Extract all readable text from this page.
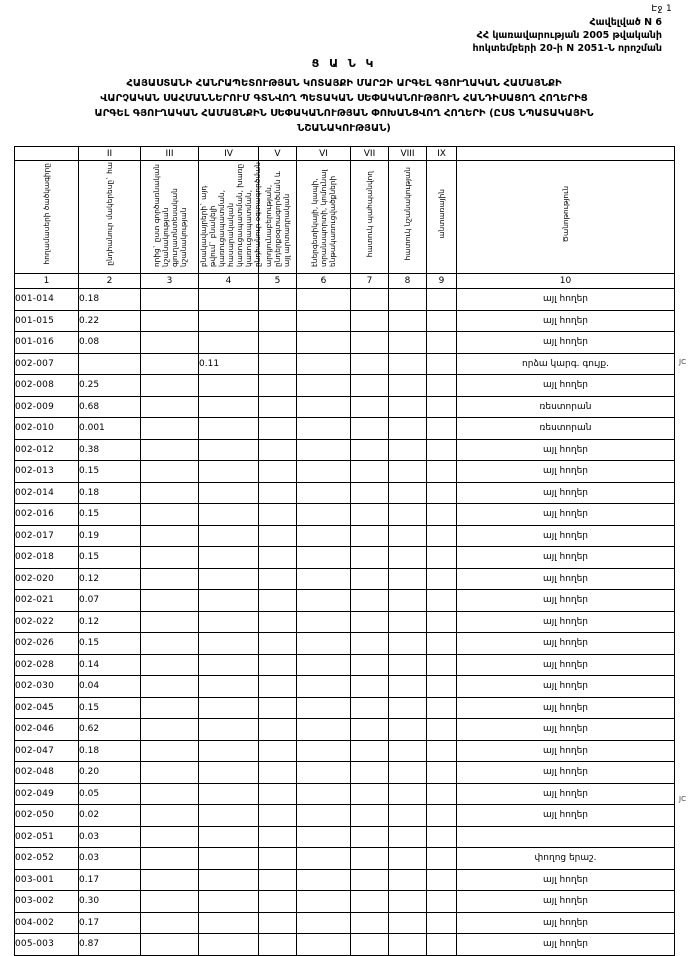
Էջ 1
Հավելված N 6
ՀՀ կառավարության 2005 թվականի
հոկտեմբերի 20-ի N 2051-Ն որոշման
Ց Ա Ն Կ
ՀԱՅԱՍՏԱՆԻ ՀԱՆՐԱՊԵՏՈՒԹՅԱՆ ԿՈՏԱՅՔԻ ՄԱՐԶԻ ԱՐԳԵԼ ԳՅՈՒՂԱԿԱՆ ՀԱՄԱՅՆՔԻ
ՎԱՐՉԱԿԱՆ ՍԱՀՄԱՆՆԵՐՈՒՄ ԳՏՆՎՈՂ ՊԵՏԱԿԱՆ ՍԵՓԱԿԱՆՈՒԹՅՈՒՆ ՀԱՆԴԻՍԱՑՈՂ ՀՈՂԵՐԻՑ
ԱՐԳԵԼ ԳՅՈՒՂԱԿԱՆ ՀԱՄԱՅՆՔԻՆ ՍԵՓԱԿԱՆՈՒԹՅԱՆ ՓՈԽԱՆՑՎՈՂ ՀՈՂԵՐԻ (ԸՍՏ ՆՊԱՏԱԿԱՅԻՆ
ՆՇԱՆԱԿՈՒԹՅԱՆ)
	II	III	IV	V	VI	VII	VIII	IX	
հողամասերի ծածկագիրը	ընդհանուր մակերեսը` հա	որից` ըստ գործառնական նշանակության գյուղատնտեսական նշանակության	բնակավայրերի` այդ թվում` բնակելի կառուցապատման, հասարակական կառուցապատման, խառը կառուցապատման, ընդհանուր օգտագործման	արդյունաբերության, ընդերքօգտագործման և այլ արտադրական	էներգետիկայի, կապի, տրանսպորտի, կոմունալ ենթակառուցվածքների	հատուկ պահպանվող	հատուկ նշանակության	անտառային	Ծանոթություն
1	2	3	4	5	6	7	8	9	10
001-014	0.18								այլ հողեր
001-015	0.22								այլ հողեր
001-016	0.08								այլ հողեր
002-007			0.11						որձա կարգ. գույք.
002-008	0.25								այլ հողեր
002-009	0.68								ռեստորան
002-010	0.001								ռեստորան
002-012	0.38								այլ հողեր
002-013	0.15								այլ հողեր
002-014	0.18								այլ հողեր
002-016	0.15								այլ հողեր
002-017	0.19								այլ հողեր
002-018	0.15								այլ հողեր
002-020	0.12								այլ հողեր
002-021	0.07								այլ հողեր
002-022	0.12								այլ հողեր
002-026	0.15								այլ հողեր
002-028	0.14								այլ հողեր
002-030	0.04								այլ հողեր
002-045	0.15								այլ հողեր
002-046	0.62								այլ հողեր
002-047	0.18								այլ հողեր
002-048	0.20								այլ հողեր
002-049	0.05								այլ հողեր
002-050	0.02								այլ հողեր
002-051	0.03								
002-052	0.03								փողոց երաշ.
003-001	0.17								այլ հողեր
003-002	0.30								այլ հողեր
004-002	0.17								այլ հողեր
005-003	0.87								այլ հողեր
JC
JC
